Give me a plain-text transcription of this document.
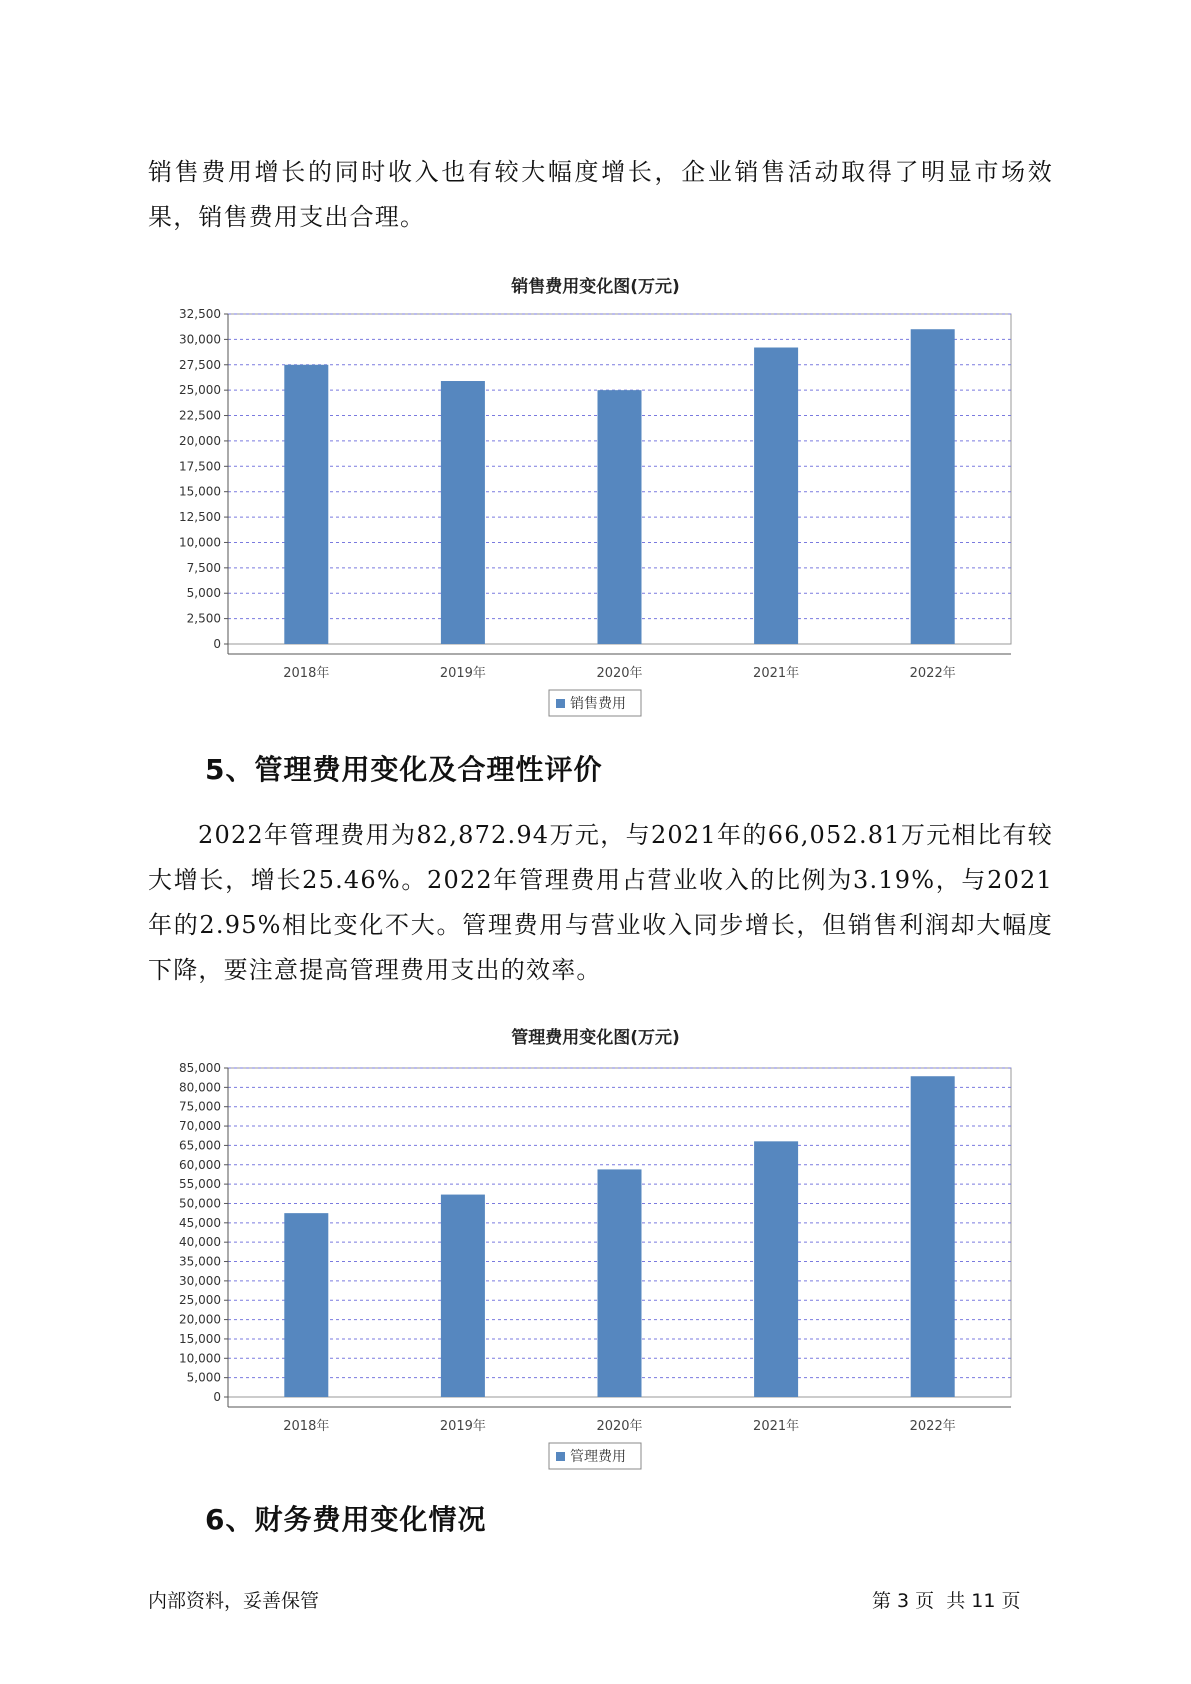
销售费用增长的同时收入也有较大幅度增长，企业销售活动取得了明显市场效果，销售费用支出合理。

销售费用变化图(万元)
0
2,500
5,000
7,500
10,000
12,500
15,000
17,500
20,000
22,500
25,000
27,500
30,000
32,500
2018年	2019年	2020年	2021年	2022年
销售费用
5、管理费用变化及合理性评价

2022年管理费用为82,872.94万元，与2021年的66,052.81万元相比有较大增长，增长25.46%。2022年管理费用占营业收入的比例为3.19%，与2021年的2.95%相比变化不大。管理费用与营业收入同步增长，但销售利润却大幅度下降，要注意提高管理费用支出的效率。

管理费用变化图(万元)
0
5,000
10,000
15,000
20,000
25,000
30,000
35,000
40,000
45,000
50,000
55,000
60,000
65,000
70,000
75,000
80,000
85,000
2018年	2019年	2020年	2021年	2022年
管理费用
6、财务费用变化情况
内部资料，妥善保管	第 3 页  共 11 页
